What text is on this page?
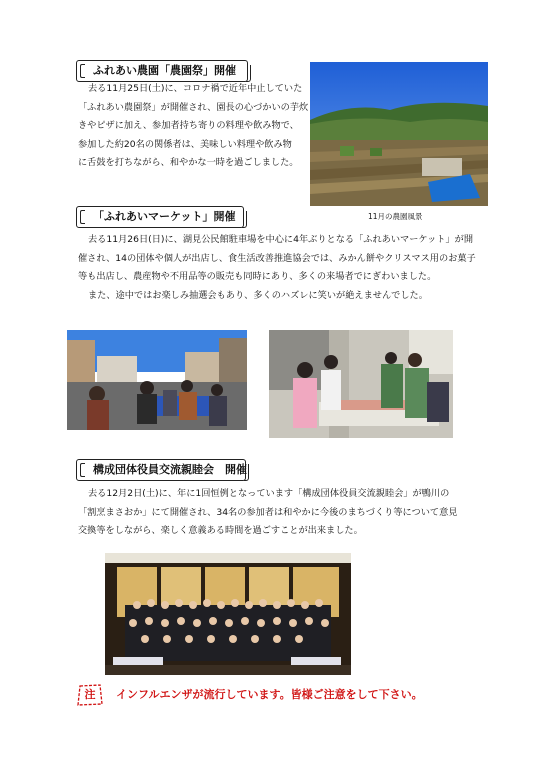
ふれあい農園「農園祭」開催
去る11月25日(土)に、コロナ禍で近年中止していた
「ふれあい農園祭」が開催され、園長の心づかいの芋炊
きやピザに加え、参加者持ち寄りの料理や飲み物で、
参加した約20名の関係者は、美味しい料理や飲み物
に舌鼓を打ちながら、和やかな一時を過ごしました。
11月の農園風景
「ふれあいマーケット」開催
去る11月26日(日)に、湖見公民館駐車場を中心に4年ぶりとなる「ふれあいマーケット」が開
催され、14の団体や個人が出店し、食生活改善推進協会では、みかん餅やクリスマス用のお菓子
等も出店し、農産物や不用品等の販売も同時にあり、多くの来場者でにぎわいました。
また、途中ではお楽しみ抽選会もあり、多くのハズレに笑いが絶えませんでした。
構成団体役員交流親睦会　開催
去る12月2日(土)に、年に1回恒例となっています「構成団体役員交流親睦会」が鴨川の
「割烹まさおか」にて開催され、34名の参加者は和やかに今後のまちづくり等について意見
交換等をしながら、楽しく意義ある時間を過ごすことが出来ました。
注	インフルエンザが流行しています。皆様ご注意をして下さい。
